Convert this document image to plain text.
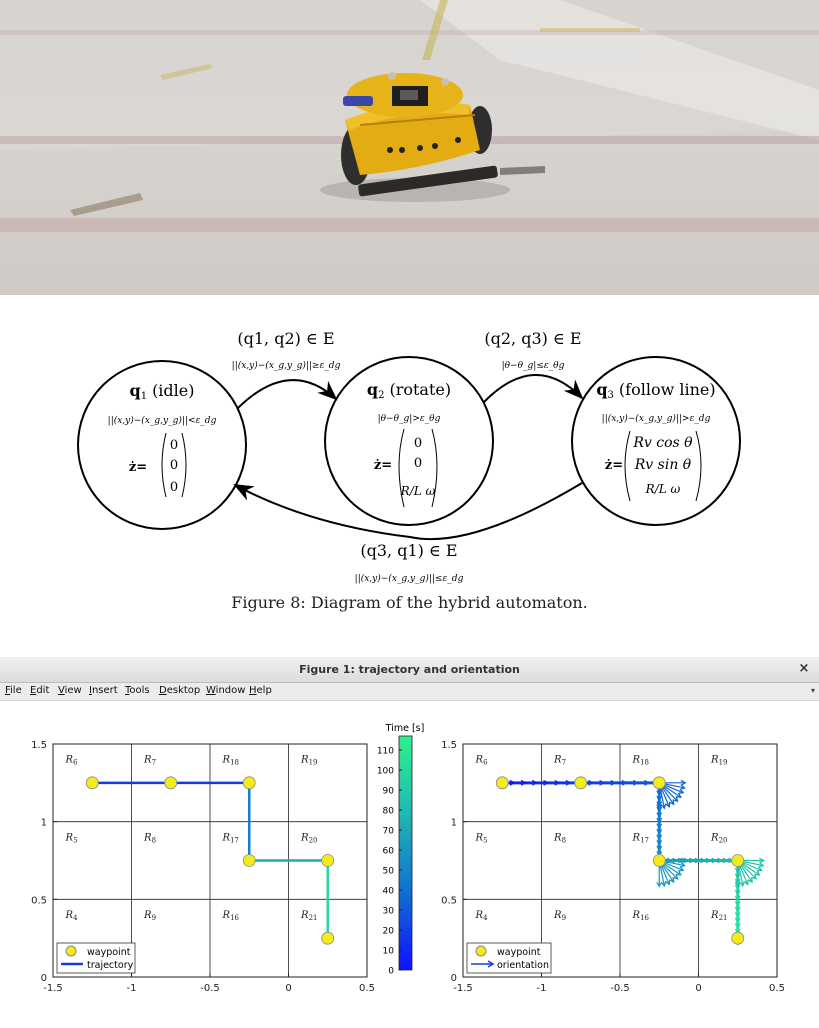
q1 (idle)
||(x,y)−(x_g,y_g)||<ε_dg
ż=
0
0
0
q2 (rotate)
|θ−θ_g|>ε_θg
ż=
0
0
R/L ω
q3 (follow line)
||(x,y)−(x_g,y_g)||>ε_dg
ż=
Rv cos θ
Rv sin θ
R/L ω
(q1, q2) ∈ E
||(x,y)−(x_g,y_g)||≥ε_dg
(q2, q3) ∈ E
|θ−θ_g|≤ε_θg
(q3, q1) ∈ E
||(x,y)−(x_g,y_g)||≤ε_dg
Figure 8: Diagram of the hybrid automaton.
Figure 1: trajectory and orientation	×
File Edit View Insert Tools Desktop Window Help	▾
-1.5	-1	-0.5	0	0.5
0
0.5
1
1.5
$R_6$	$R_7$	$R_{18}$	$R_{19}$
$R_5$	$R_8$	$R_{17}$	$R_{20}$
$R_4$	$R_9$	$R_{16}$	$R_{21}$
waypoint
trajectory
Time [s]
0
10
20
30
40
50
60
70
80
90
100
110
-1.5	-1	-0.5	0	0.5
0
0.5
1
1.5
$R_6$	$R_7$	$R_{18}$	$R_{19}$
$R_5$	$R_8$	$R_{17}$	$R_{20}$
$R_4$	$R_9$	$R_{16}$	$R_{21}$
waypoint
orientation
